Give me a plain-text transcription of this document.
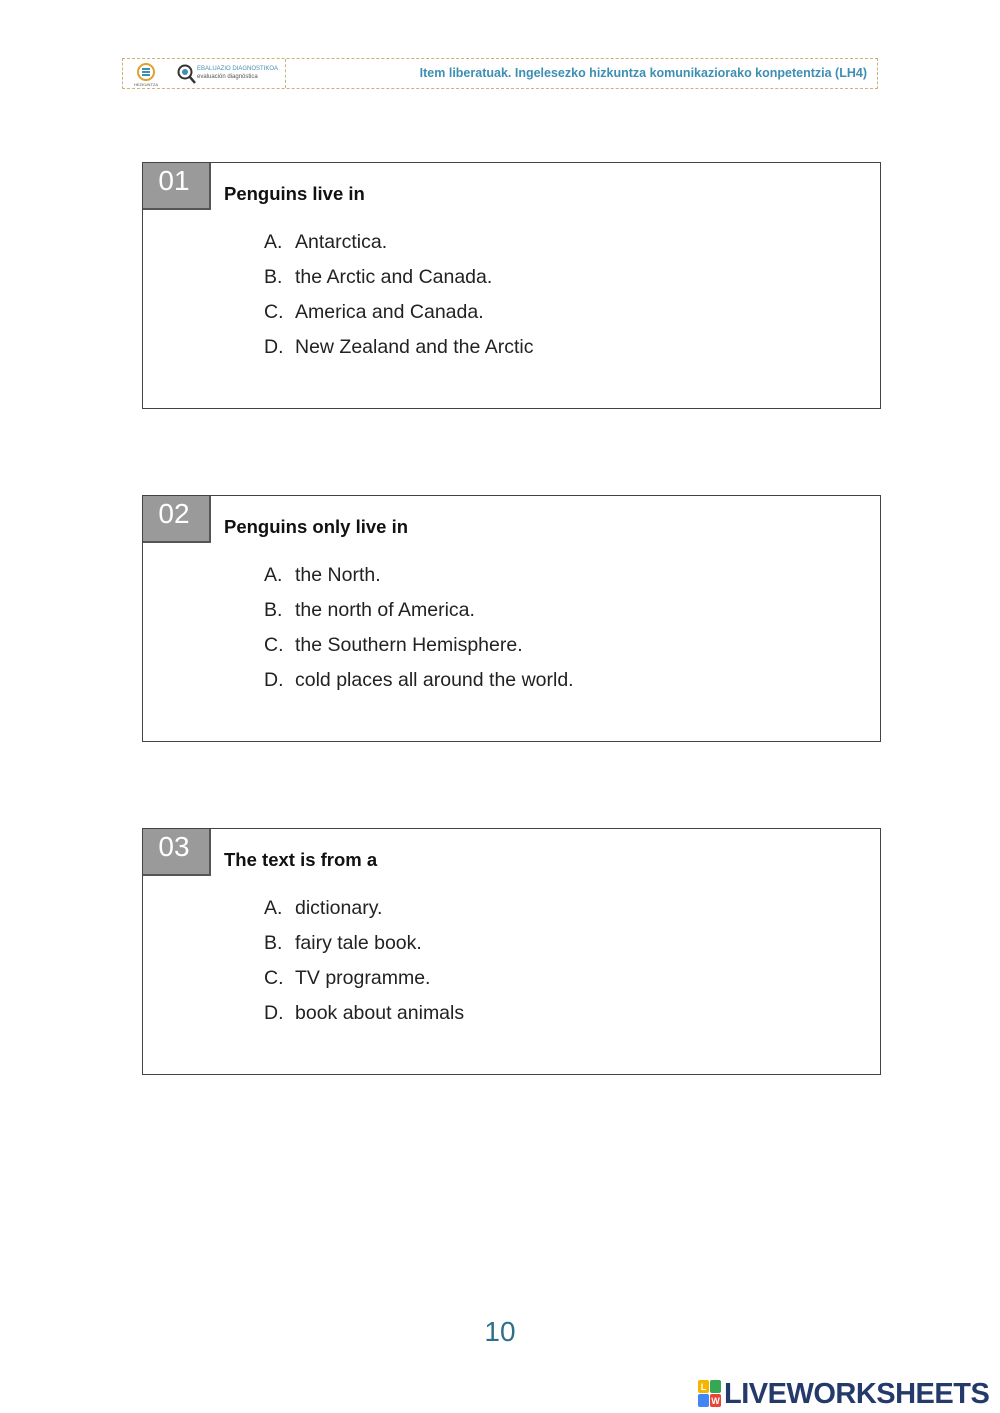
HEZKUNTZA
EBALUAZIO DIAGNOSTIKOA
evaluación diagnóstica	Item liberatuak. Ingelesezko hizkuntza komunikaziorako konpetentzia (LH4)
01	Penguins live in
A. Antarctica.
B. the Arctic and Canada.
C. America and Canada.
D. New Zealand and the Arctic
02	Penguins only live in
A. the North.
B. the north of America.
C. the Southern Hemisphere.
D. cold places all around the world.
03	The text is from a
A. dictionary.
B. fairy tale book.
C. TV programme.
D. book about animals
10
L
W LIVEWORKSHEETS
